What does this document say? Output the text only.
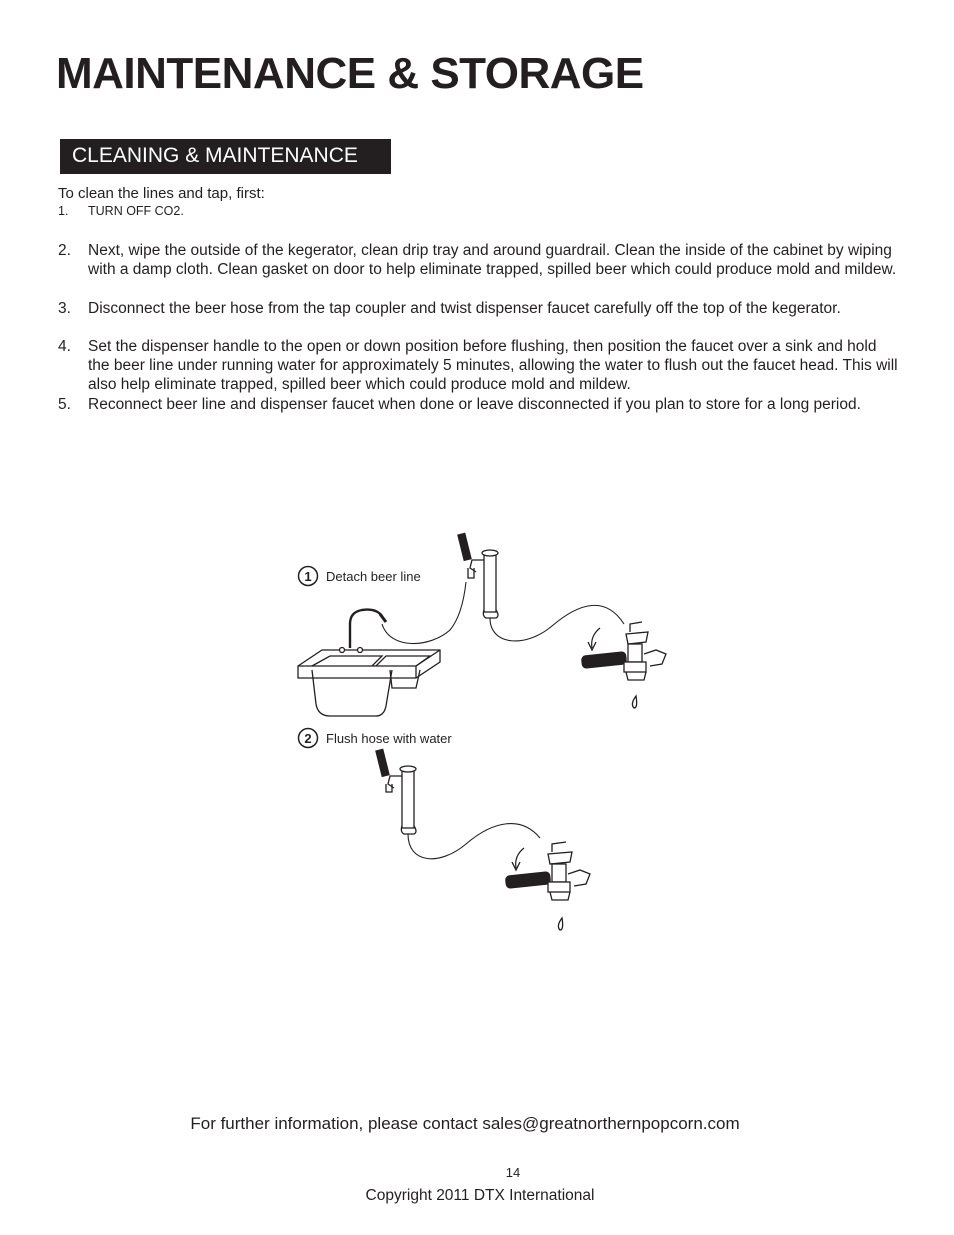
MAINTENANCE & STORAGE
CLEANING & MAINTENANCE
To clean the lines and tap, first:
1. TURN OFF CO2.
2. Next, wipe the outside of the kegerator, clean drip tray and around guardrail. Clean the inside of the cabinet by wiping with a damp cloth. Clean gasket on door to help eliminate trapped, spilled beer which could produce mold and mildew.
3. Disconnect the beer hose from the tap coupler and twist dispenser faucet carefully off the top of the kegerator.
4. Set the dispenser handle to the open or down position before flushing, then position the faucet over a sink and hold the beer line under running water for approximately 5 minutes, allowing the water to flush out the faucet head. This will also help eliminate trapped, spilled beer which could produce mold and mildew.
5. Reconnect beer line and dispenser faucet when done or leave disconnected if you plan to store for a long period.
1 Detach beer line
2 Flush hose with water
For further information, please contact sales@greatnorthernpopcorn.com
14
Copyright 2011 DTX International
